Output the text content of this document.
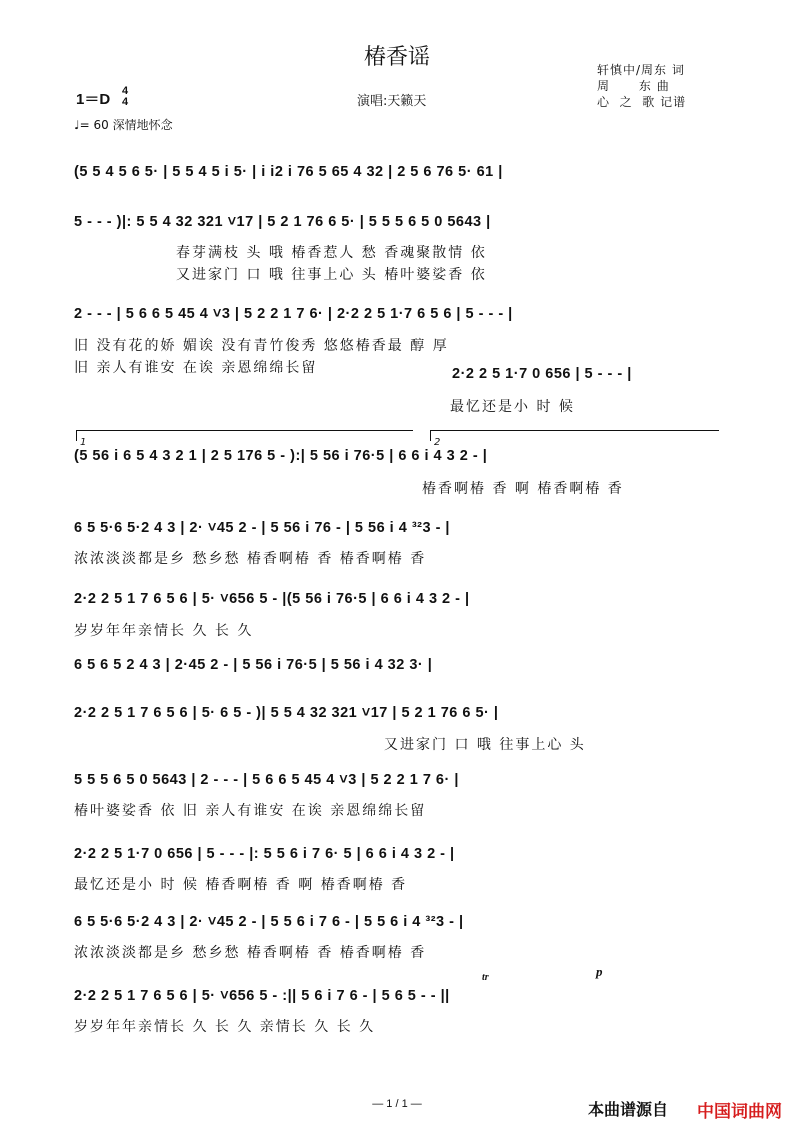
椿香谣
1＝D 4
4
♩= 60 深情地怀念
演唱:天籁天
轩慎中/周东 词
周      东 曲
心  之  歌 记谱
(5 5 4 5 6 5· | 5 5 4 5 i 5· | i i2 i 76 5 65 4 32 | 2 5 6 76 5· 61 |
5 - - - )|: 5 5 4 32 321 ˅17 | 5 2 1 76 6 5· | 5 5 5 6 5 0 5643 |
春芽满枝 头 哦 椿香惹人 愁 香魂聚散情 依
又进家门 口 哦 往事上心 头 椿叶婆娑香 依
2 - - - | 5 6 6 5 45 4 ˅3 | 5 2 2 1 7 6· | 2·2 2 5 1·7 6 5 6 | 5 - - - |
旧 没有花的娇 媚诶 没有青竹俊秀 悠悠椿香最 醇 厚
旧 亲人有谁安 在诶 亲恩绵绵长留	2·2 2 5 1·7 0 656 | 5 - - - |
最忆还是小 时 候
1	2
(5 56 i 6 5 4 3 2 1 | 2 5 176 5 - ):| 5 56 i 76·5 | 6 6 i 4 3 2 - |
椿香啊椿 香 啊 椿香啊椿 香
6 5 5·6 5·2 4 3 | 2· ˅45 2 - | 5 56 i 76 - | 5 56 i 4 ³²3 - |
浓浓淡淡都是乡 愁乡愁 椿香啊椿 香 椿香啊椿 香
2·2 2 5 1 7 6 5 6 | 5· ˅656 5 - |(5 56 i 76·5 | 6 6 i 4 3 2 - |
岁岁年年亲情长 久 长 久
6 5 6 5 2 4 3 | 2·45 2 - | 5 56 i 76·5 | 5 56 i 4 32 3· |
2·2 2 5 1 7 6 5 6 | 5· 6 5 - )| 5 5 4 32 321 ˅17 | 5 2 1 76 6 5· |
又进家门 口 哦 往事上心 头
5 5 5 6 5 0 5643 | 2 - - - | 5 6 6 5 45 4 ˅3 | 5 2 2 1 7 6· |
椿叶婆娑香 依 旧 亲人有谁安 在诶 亲恩绵绵长留
2·2 2 5 1·7 0 656 | 5 - - - |: 5 5 6 i 7 6· 5 | 6 6 i 4 3 2 - |
最忆还是小 时 候 椿香啊椿 香 啊 椿香啊椿 香
6 5 5·6 5·2 4 3 | 2· ˅45 2 - | 5 5 6 i 7 6 - | 5 5 6 i 4 ³²3 - |
浓浓淡淡都是乡 愁乡愁 椿香啊椿 香 椿香啊椿 香
tr	p
2·2 2 5 1 7 6 5 6 | 5· ˅656 5 - :|| 5 6 i 7 6 - | 5 6 5 - - ||
岁岁年年亲情长 久 长 久 亲情长 久 长 久
— 1 / 1 —	本曲谱源自 中国词曲网
